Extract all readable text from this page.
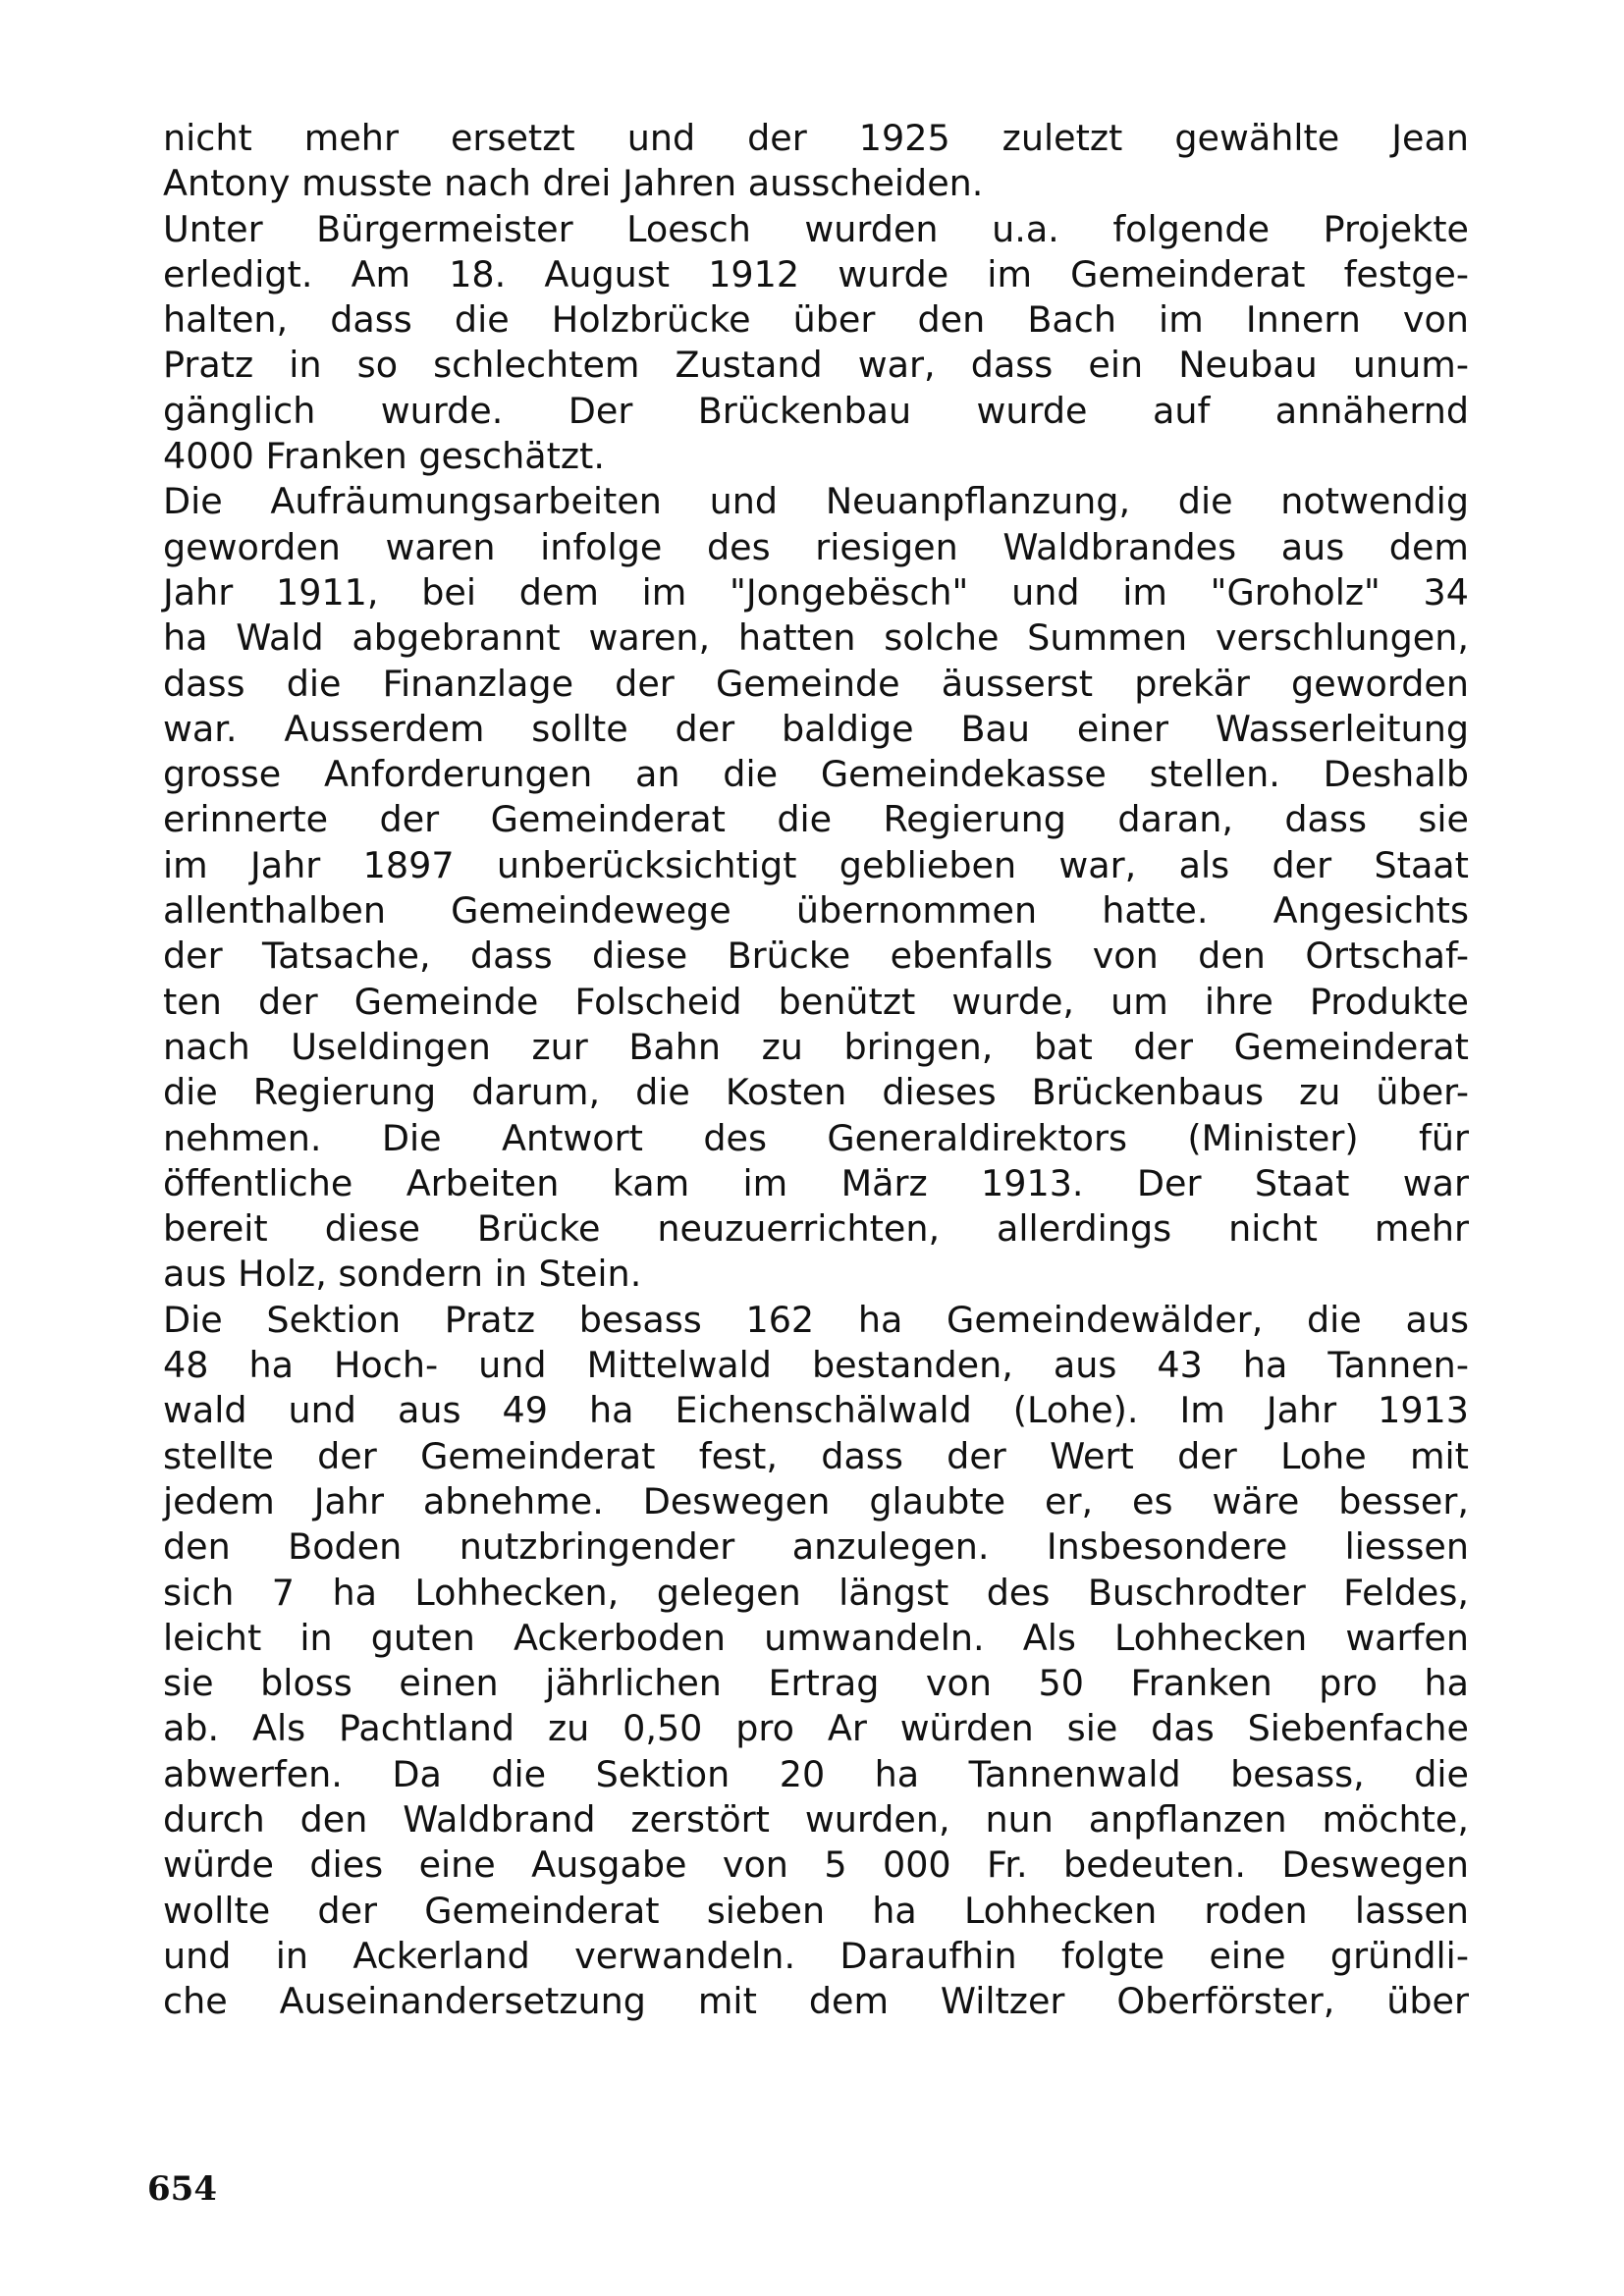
nicht mehr ersetzt und der 1925 zuletzt gewählte Jean
Antony musste nach drei Jahren ausscheiden.
Unter Bürgermeister Loesch wurden u.a. folgende Projekte
erledigt. Am 18. August 1912 wurde im Gemeinderat festge-
halten, dass die Holzbrücke über den Bach im Innern von
Pratz in so schlechtem Zustand war, dass ein Neubau unum-
gänglich wurde. Der Brückenbau wurde auf annähernd
4000 Franken geschätzt.
Die Aufräumungsarbeiten und Neuanpflanzung, die notwendig
geworden waren infolge des riesigen Waldbrandes aus dem
Jahr 1911, bei dem im "Jongebësch" und im "Groholz" 34
ha Wald abgebrannt waren, hatten solche Summen verschlungen,
dass die Finanzlage der Gemeinde äusserst prekär geworden
war. Ausserdem sollte der baldige Bau einer Wasserleitung
grosse Anforderungen an die Gemeindekasse stellen. Deshalb
erinnerte der Gemeinderat die Regierung daran, dass sie
im Jahr 1897 unberücksichtigt geblieben war, als der Staat
allenthalben Gemeindewege übernommen hatte. Angesichts
der Tatsache, dass diese Brücke ebenfalls von den Ortschaf-
ten der Gemeinde Folscheid benützt wurde, um ihre Produkte
nach Useldingen zur Bahn zu bringen, bat der Gemeinderat
die Regierung darum, die Kosten dieses Brückenbaus zu über-
nehmen. Die Antwort des Generaldirektors (Minister) für
öffentliche Arbeiten kam im März 1913. Der Staat war
bereit diese Brücke neuzuerrichten, allerdings nicht mehr
aus Holz, sondern in Stein.
Die Sektion Pratz besass 162 ha Gemeindewälder, die aus
48 ha Hoch- und Mittelwald bestanden, aus 43 ha Tannen-
wald und aus 49 ha Eichenschälwald (Lohe). Im Jahr 1913
stellte der Gemeinderat fest, dass der Wert der Lohe mit
jedem Jahr abnehme. Deswegen glaubte er, es wäre besser,
den Boden nutzbringender anzulegen. Insbesondere liessen
sich 7 ha Lohhecken, gelegen längst des Buschrodter Feldes,
leicht in guten Ackerboden umwandeln. Als Lohhecken warfen
sie bloss einen jährlichen Ertrag von 50 Franken pro ha
ab. Als Pachtland zu 0,50 pro Ar würden sie das Siebenfache
abwerfen. Da die Sektion 20 ha Tannenwald besass, die
durch den Waldbrand zerstört wurden, nun anpflanzen möchte,
würde dies eine Ausgabe von 5 000 Fr. bedeuten. Deswegen
wollte der Gemeinderat sieben ha Lohhecken roden lassen
und in Ackerland verwandeln. Daraufhin folgte eine gründli-
che Auseinandersetzung mit dem Wiltzer Oberförster, über
654
